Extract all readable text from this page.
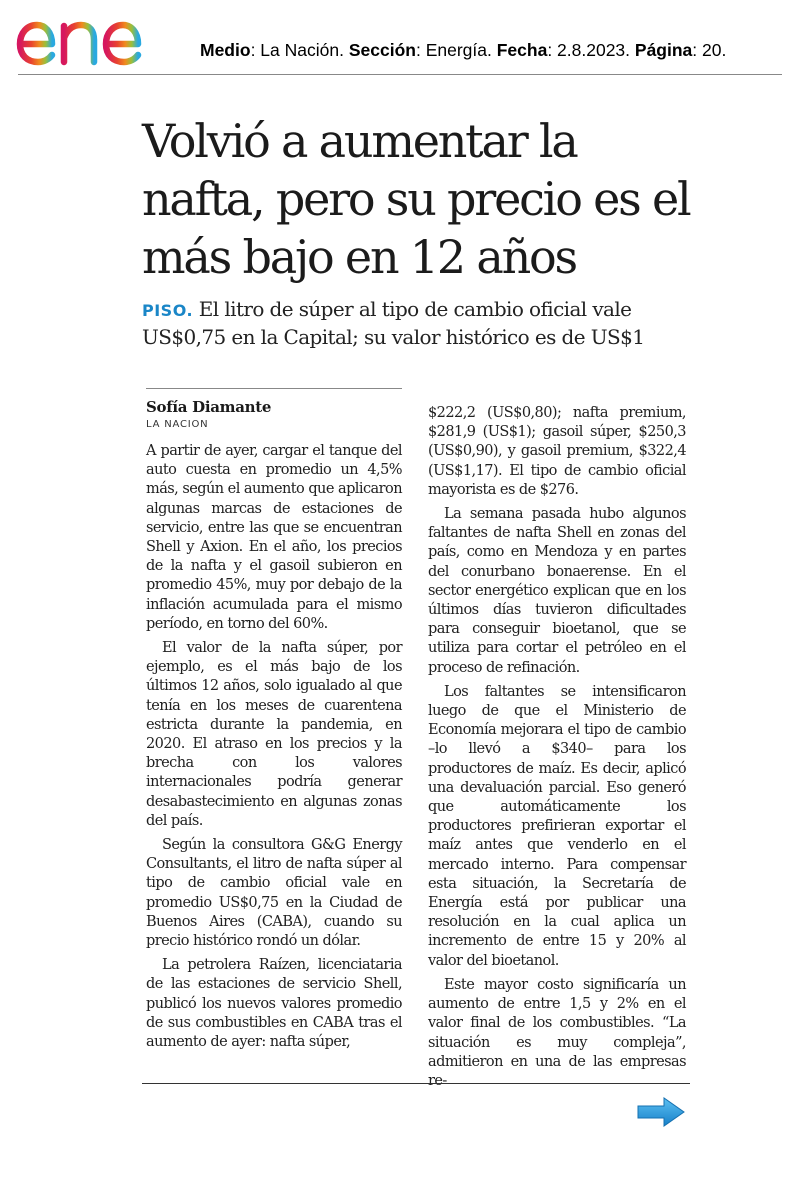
Medio: La Nación. Sección: Energía. Fecha: 2.8.2023. Página: 20.
Volvió a aumentar la nafta, pero su precio es el más bajo en 12 años

PISO. El litro de súper al tipo de cambio oficial vale US$0,75 en la Capital; su valor histórico es de US$1

Sofía Diamante
LA NACION

A partir de ayer, cargar el tanque del auto cuesta en promedio un 4,5% más, según el aumento que aplicaron algunas marcas de estaciones de servicio, entre las que se encuentran Shell y Axion. En el año, los precios de la nafta y el gasoil subieron en promedio 45%, muy por debajo de la inflación acumulada para el mismo período, en torno del 60%.

El valor de la nafta súper, por ejemplo, es el más bajo de los últimos 12 años, solo igualado al que tenía en los meses de cuarentena estricta durante la pandemia, en 2020. El atraso en los precios y la brecha con los valores internacionales podría generar desabastecimiento en algunas zonas del país.

Según la consultora G&G Energy Consultants, el litro de nafta súper al tipo de cambio oficial vale en promedio US$0,75 en la Ciudad de Buenos Aires (CABA), cuando su precio histórico rondó un dólar.

La petrolera Raízen, licenciataria de las estaciones de servicio Shell, publicó los nuevos valores promedio de sus combustibles en CABA tras el aumento de ayer: nafta súper,

$222,2 (US$0,80); nafta premium, $281,9 (US$1); gasoil súper, $250,3 (US$0,90), y gasoil premium, $322,4 (US$1,17). El tipo de cambio oficial mayorista es de $276.

La semana pasada hubo algunos faltantes de nafta Shell en zonas del país, como en Mendoza y en partes del conurbano bonaerense. En el sector energético explican que en los últimos días tuvieron dificultades para conseguir bioetanol, que se utiliza para cortar el petróleo en el proceso de refinación.

Los faltantes se intensificaron luego de que el Ministerio de Economía mejorara el tipo de cambio –lo llevó a $340– para los productores de maíz. Es decir, aplicó una devaluación parcial. Eso generó que automáticamente los productores prefirieran exportar el maíz antes que venderlo en el mercado interno. Para compensar esta situación, la Secretaría de Energía está por publicar una resolución en la cual aplica un incremento de entre 15 y 20% al valor del bioetanol.

Este mayor costo significaría un aumento de entre 1,5 y 2% en el valor final de los combustibles. “La situación es muy compleja”, admitieron en una de las empresas re-
